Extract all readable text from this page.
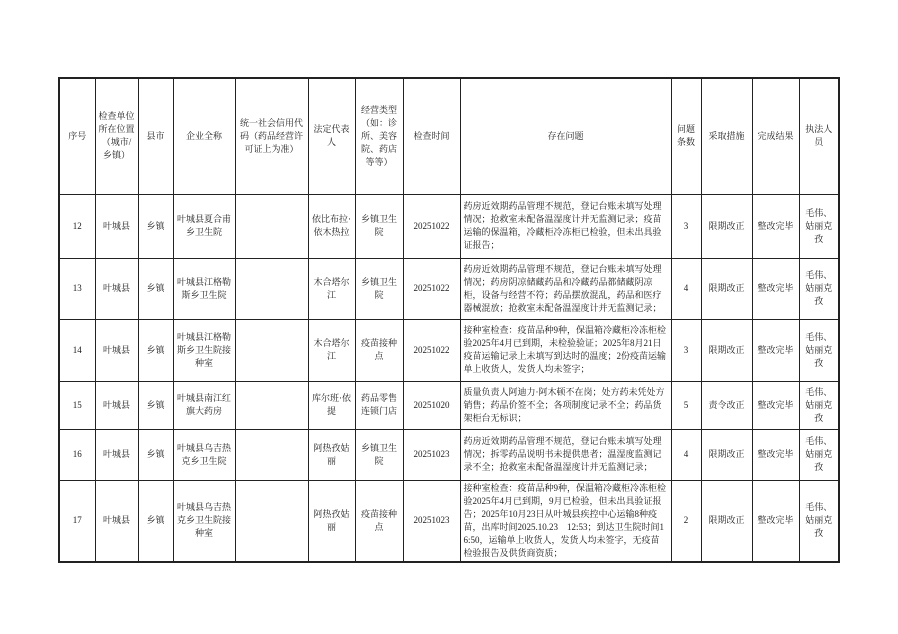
序号	检查单位所在位置（城市/乡镇）	县市	企业全称	统一社会信用代码（药品经营许可证上为准）	法定代表人	经营类型（如：诊所、美容院、药店等等）	检查时间	存在问题	问题条数	采取措施	完成结果	执法人员
12	叶城县	乡镇	叶城县夏合甫乡卫生院		依比布拉·依木热拉	乡镇卫生院	20251022	药房近效期药品管理不规范，登记台账未填写处理情况；抢救室未配备温湿度计并无监测记录；疫苗运输的保温箱，冷藏柜冷冻柜已检验，但未出具验证报告；	3	限期改正	整改完毕	毛伟、姑丽克孜
13	叶城县	乡镇	叶城县江格勒斯乡卫生院		木合塔尔江	乡镇卫生院	20251022	药房近效期药品管理不规范，登记台账未填写处理情况；药房阴凉储藏药品和冷藏药品都储藏阴凉柜，设备与经营不符；药品摆放混乱，药品和医疗器械混放；抢救室未配备温湿度计并无监测记录；	4	限期改正	整改完毕	毛伟、姑丽克孜
14	叶城县	乡镇	叶城县江格勒斯乡卫生院接种室		木合塔尔江	疫苗接种点	20251022	接种室检查：疫苗品种9种，保温箱冷藏柜冷冻柜检验2025年4月已到期，未检验验证；2025年8月21日疫苗运输记录上未填写到达时的温度；2份疫苗运输单上收货人，发货人均未签字；	3	限期改正	整改完毕	毛伟、姑丽克孜
15	叶城县	乡镇	叶城县南江红旗大药房		库尔班·依提	药品零售连锁门店	20251020	质量负责人阿迪力·阿木顿不在岗；处方药未凭处方销售；药品价签不全；各项制度记录不全；药品货架柜台无标识；	5	责令改正	整改完毕	毛伟、姑丽克孜
16	叶城县	乡镇	叶城县乌吉热克乡卫生院		阿热孜姑丽	乡镇卫生院	20251023	药房近效期药品管理不规范，登记台账未填写处理情况；拆零药品说明书未提供患者；温湿度监测记录不全；抢救室未配备温湿度计并无监测记录；	4	限期改正	整改完毕	毛伟、姑丽克孜
17	叶城县	乡镇	叶城县乌吉热克乡卫生院接种室		阿热孜姑丽	疫苗接种点	20251023	接种室检查：疫苗品种9种，保温箱冷藏柜冷冻柜检验2025年4月已到期，9月已检验，但未出具验证报告；2025年10月23日从叶城县疾控中心运输8种疫苗，出库时间2025.10.23　12:53；到达卫生院时间16:50，运输单上收货人，发货人均未签字，无疫苗检验报告及供货商资质；	2	限期改正	整改完毕	毛伟、姑丽克孜
